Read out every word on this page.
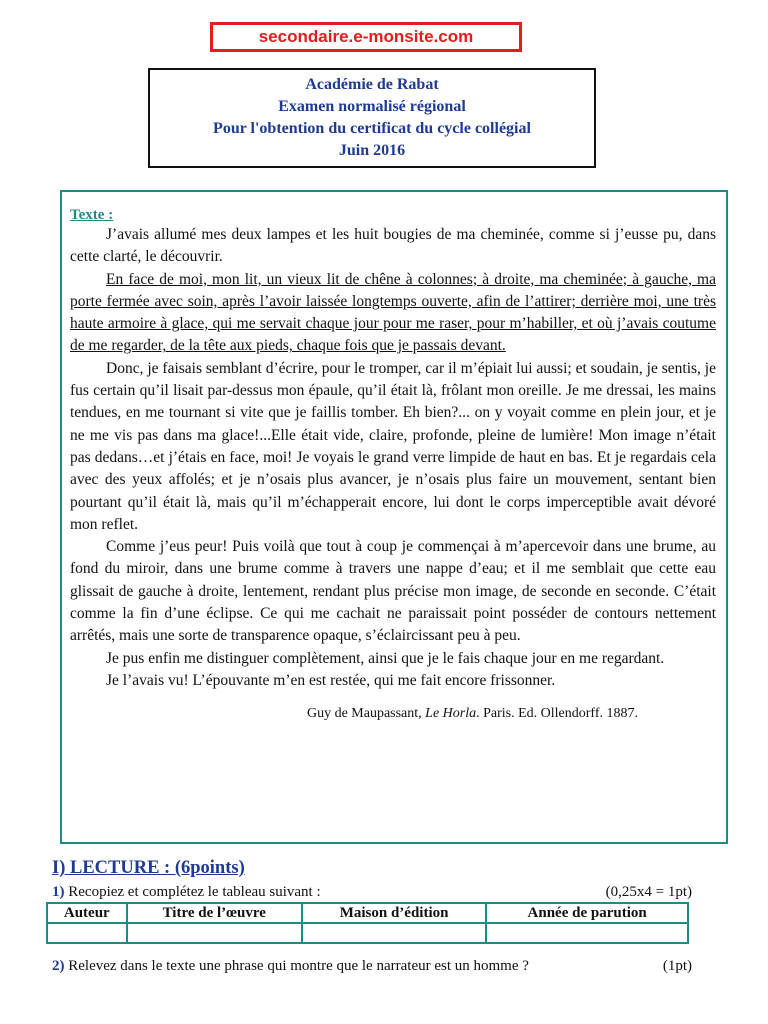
secondaire.e-monsite.com
Académie de Rabat
Examen normalisé régional
Pour l'obtention du certificat du cycle collégial
Juin 2016
Texte :

J’avais allumé mes deux lampes et les huit bougies de ma cheminée, comme si j’eusse pu, dans cette clarté, le découvrir.

En face de moi, mon lit, un vieux lit de chêne à colonnes; à droite, ma cheminée; à gauche, ma porte fermée avec soin, après l’avoir laissée longtemps ouverte, afin de l’attirer; derrière moi, une très haute armoire à glace, qui me servait chaque jour pour me raser, pour m’habiller, et où j’avais coutume de me regarder, de la tête aux pieds, chaque fois que je passais devant.

Donc, je faisais semblant d’écrire, pour le tromper, car il m’épiait lui aussi; et soudain, je sentis, je fus certain qu’il lisait par-dessus mon épaule, qu’il était là, frôlant mon oreille. Je me dressai, les mains tendues, en me tournant si vite que je faillis tomber. Eh bien?... on y voyait comme en plein jour, et je ne me vis pas dans ma glace!...Elle était vide, claire, profonde, pleine de lumière! Mon image n’était pas dedans…et j’étais en face, moi! Je voyais le grand verre limpide de haut en bas. Et je regardais cela avec des yeux affolés; et je n’osais plus avancer, je n’osais plus faire un mouvement, sentant bien pourtant qu’il était là, mais qu’il m’échapperait encore, lui dont le corps imperceptible avait dévoré mon reflet.

Comme j’eus peur! Puis voilà que tout à coup je commençai à m’apercevoir dans une brume, au fond du miroir, dans une brume comme à travers une nappe d’eau; et il me semblait que cette eau glissait de gauche à droite, lentement, rendant plus précise mon image, de seconde en seconde. C’était comme la fin d’une éclipse. Ce qui me cachait ne paraissait point posséder de contours nettement arrêtés, mais une sorte de transparence opaque, s’éclaircissant peu à peu.

Je pus enfin me distinguer complètement, ainsi que je le fais chaque jour en me regardant.

Je l’avais vu! L’épouvante m’en est restée, qui me fait encore frissonner.

Guy de Maupassant, Le Horla. Paris. Ed. Ollendorff. 1887.
I) LECTURE : (6points)
1) Recopiez et complétez le tableau suivant :	(0,25x4 = 1pt)
Auteur	Titre de l’œuvre	Maison d’édition	Année de parution

2) Relevez dans le texte une phrase qui montre que le narrateur est un homme ?	(1pt)
